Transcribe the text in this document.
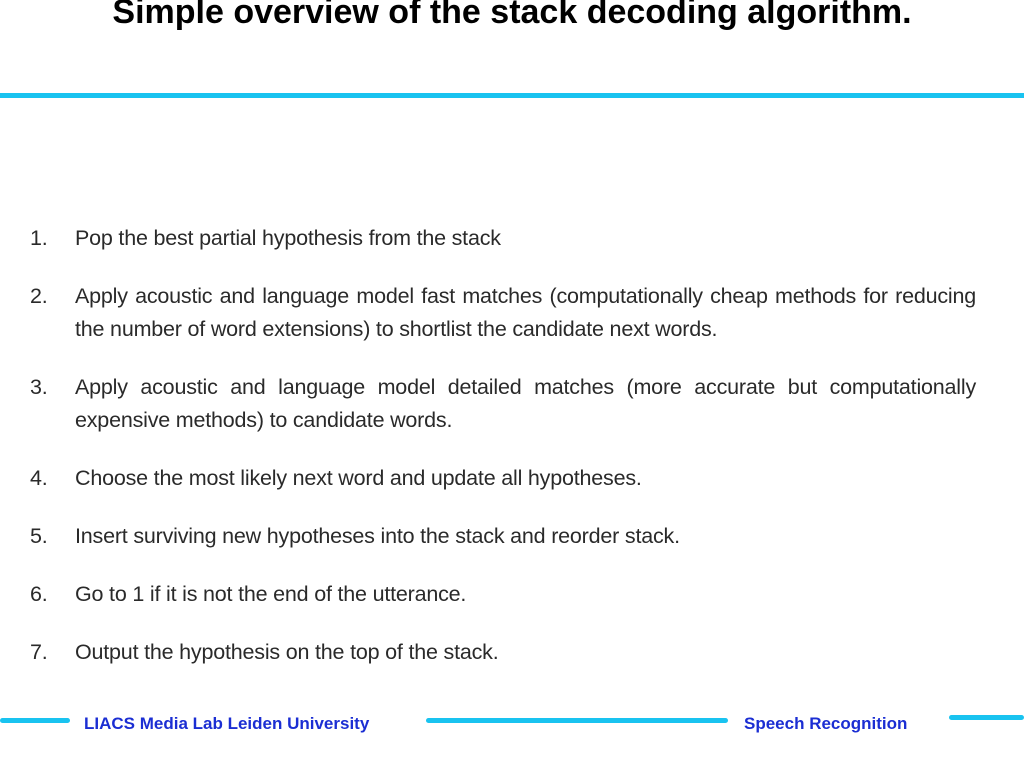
Simple overview of the stack decoding algorithm.
1. Pop the best partial hypothesis from the stack
2. Apply acoustic and language model fast matches (computationally cheap methods for reducing the number of word extensions) to shortlist the candidate next words.
3. Apply acoustic and language model detailed matches (more accurate but computationally expensive methods) to candidate words.
4. Choose the most likely next word and update all hypotheses.
5. Insert surviving new hypotheses into the stack and reorder stack.
6. Go to 1 if it is not the end of the utterance.
7. Output the hypothesis on the top of the stack.
LIACS Media Lab Leiden University	Speech Recognition
